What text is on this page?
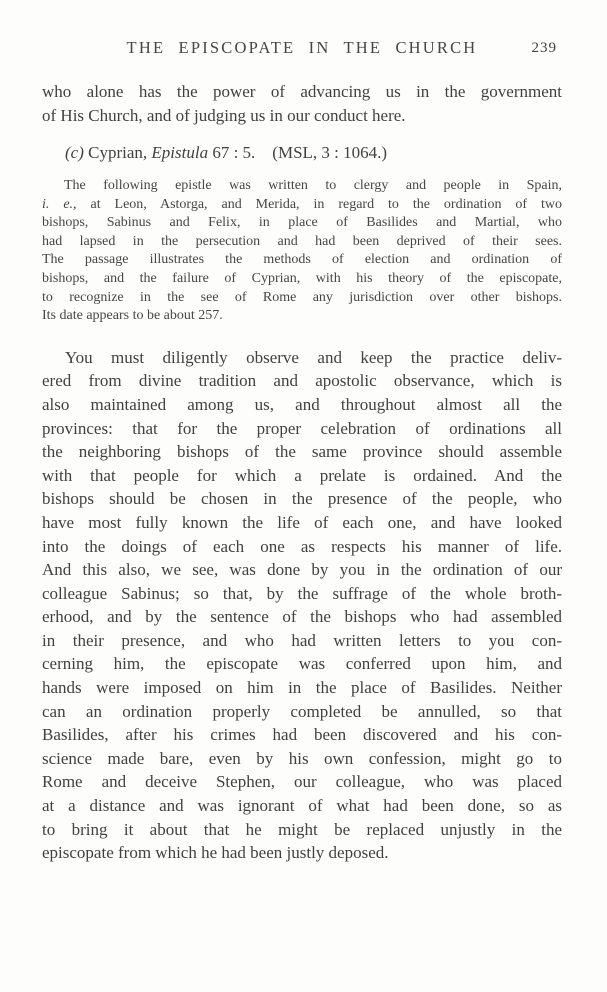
THE EPISCOPATE IN THE CHURCH	239
who alone has the power of advancing us in the government
of His Church, and of judging us in our conduct here.
(c) Cyprian, Epistula 67 : 5.  (MSL, 3 : 1064.)
The following epistle was written to clergy and people in Spain,
i. e., at Leon, Astorga, and Merida, in regard to the ordination of two
bishops, Sabinus and Felix, in place of Basilides and Martial, who
had lapsed in the persecution and had been deprived of their sees.
The passage illustrates the methods of election and ordination of
bishops, and the failure of Cyprian, with his theory of the episcopate,
to recognize in the see of Rome any jurisdiction over other bishops.
Its date appears to be about 257.
You must diligently observe and keep the practice deliv-
ered from divine tradition and apostolic observance, which is
also maintained among us, and throughout almost all the
provinces: that for the proper celebration of ordinations all
the neighboring bishops of the same province should assemble
with that people for which a prelate is ordained. And the
bishops should be chosen in the presence of the people, who
have most fully known the life of each one, and have looked
into the doings of each one as respects his manner of life.
And this also, we see, was done by you in the ordination of our
colleague Sabinus; so that, by the suffrage of the whole broth-
erhood, and by the sentence of the bishops who had assembled
in their presence, and who had written letters to you con-
cerning him, the episcopate was conferred upon him, and
hands were imposed on him in the place of Basilides. Neither
can an ordination properly completed be annulled, so that
Basilides, after his crimes had been discovered and his con-
science made bare, even by his own confession, might go to
Rome and deceive Stephen, our colleague, who was placed
at a distance and was ignorant of what had been done, so as
to bring it about that he might be replaced unjustly in the
episcopate from which he had been justly deposed.
